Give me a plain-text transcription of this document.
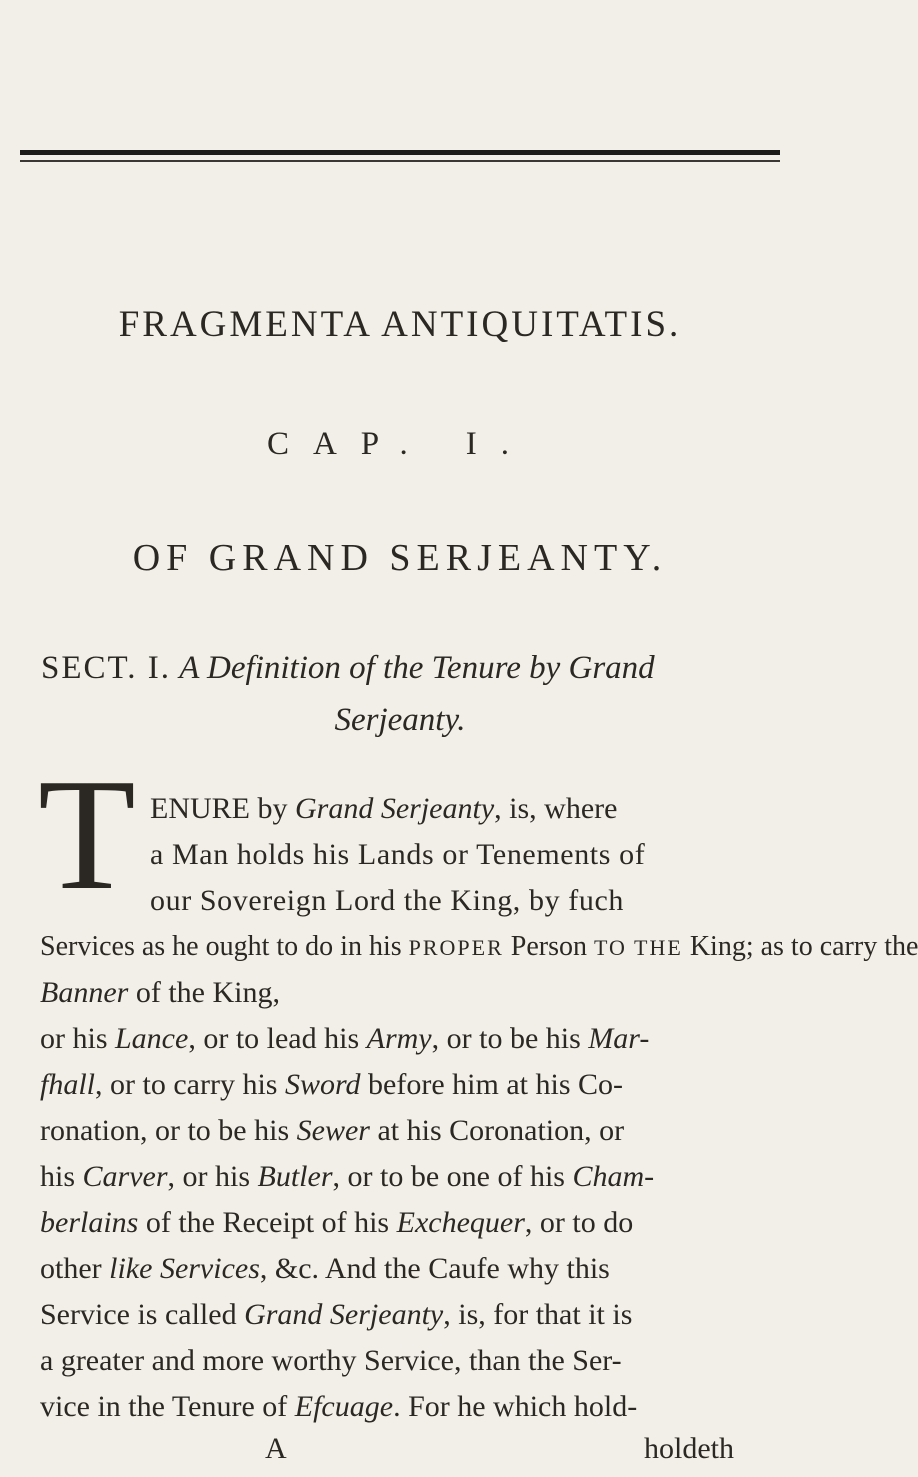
FRAGMENTA ANTIQUITATIS.
CAP. I.
OF GRAND SERJEANTY.
SECT. I. A Definition of the Tenure by Grand
Serjeanty.
T ENURE by Grand Serjeanty, is, where
a Man holds his Lands or Tenements of
our Sovereign Lord the King, by fuch
Services as he ought to do in his PROPER Person TO THE King; as to carry the
Banner of the King,
or his Lance, or to lead his Army, or to be his Mar-
fhall, or to carry his Sword before him at his Co-
ronation, or to be his Sewer at his Coronation, or
his Carver, or his Butler, or to be one of his Cham-
berlains of the Receipt of his Exchequer, or to do
other like Services, &c. And the Caufe why this
Service is called Grand Serjeanty, is, for that it is
a greater and more worthy Service, than the Ser-
vice in the Tenure of Efcuage. For he which hold-
A	holdeth
